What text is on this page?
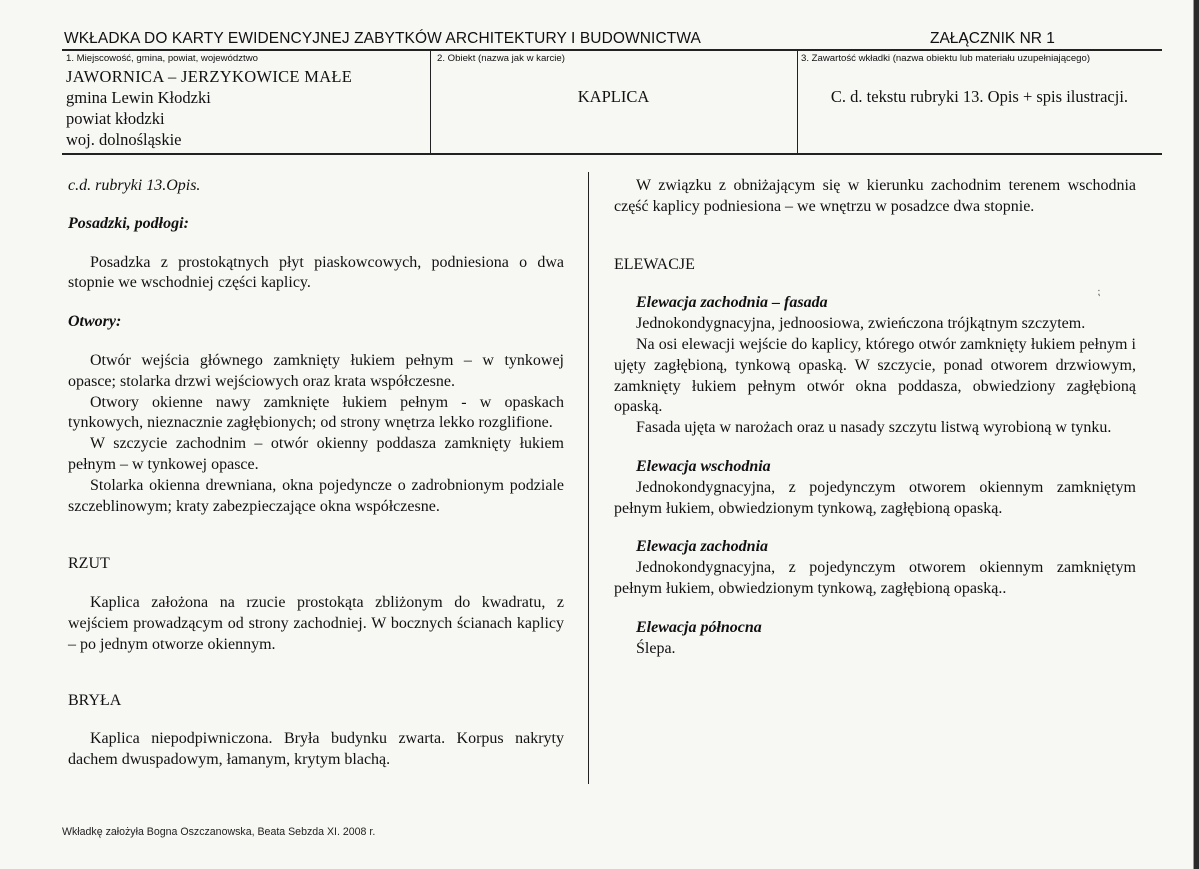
WKŁADKA DO KARTY EWIDENCYJNEJ ZABYTKÓW ARCHITEKTURY I BUDOWNICTWA	ZAŁĄCZNIK NR 1
1. Miejscowość, gmina, powiat, województwo
JAWORNICA – JERZYKOWICE MAŁE
gmina Lewin Kłodzki
powiat kłodzki
woj. dolnośląskie
2. Obiekt (nazwa jak w karcie)
KAPLICA
3. Zawartość wkładki (nazwa obiektu lub materiału uzupełniającego)
C. d. tekstu rubryki 13. Opis + spis ilustracji.

c.d. rubryki 13.Opis.

Posadzki, podłogi:

Posadzka z prostokątnych płyt piaskowcowych, podniesiona o dwa stopnie we wschodniej części kaplicy.

Otwory:

Otwór wejścia głównego zamknięty łukiem pełnym – w tynkowej opasce; stolarka drzwi wejściowych oraz krata współczesne.

Otwory okienne nawy zamknięte łukiem pełnym - w opaskach tynkowych, nieznacznie zagłębionych; od strony wnętrza lekko rozglifione.

W szczycie zachodnim – otwór okienny poddasza zamknięty łukiem pełnym – w tynkowej opasce.

Stolarka okienna drewniana, okna pojedyncze o zadrobnionym podziale szczeblinowym; kraty zabezpieczające okna współczesne.

RZUT

Kaplica założona na rzucie prostokąta zbliżonym do kwadratu, z wejściem prowadzącym od strony zachodniej. W bocznych ścianach kaplicy – po jednym otworze okiennym.

BRYŁA

Kaplica niepodpiwniczona. Bryła budynku zwarta. Korpus nakryty dachem dwuspadowym, łamanym, krytym blachą.

W związku z obniżającym się w kierunku zachodnim terenem wschodnia część kaplicy podniesiona – we wnętrzu w posadzce dwa stopnie.

ELEWACJE

Elewacja zachodnia – fasada

Jednokondygnacyjna, jednoosiowa, zwieńczona trójkątnym szczytem.

Na osi elewacji wejście do kaplicy, którego otwór zamknięty łukiem pełnym i ujęty zagłębioną, tynkową opaską. W szczycie, ponad otworem drzwiowym, zamknięty łukiem pełnym otwór okna poddasza, obwiedziony zagłębioną opaską.

Fasada ujęta w narożach oraz u nasady szczytu listwą wyrobioną w tynku.

Elewacja wschodnia

Jednokondygnacyjna, z pojedynczym otworem okiennym zamkniętym pełnym łukiem, obwiedzionym tynkową, zagłębioną opaską.

Elewacja zachodnia

Jednokondygnacyjna, z pojedynczym otworem okiennym zamkniętym pełnym łukiem, obwiedzionym tynkową, zagłębioną opaską..

Elewacja północna

Ślepa.

⁏
Wkładkę założyła Bogna Oszczanowska, Beata Sebzda XI. 2008 r.
